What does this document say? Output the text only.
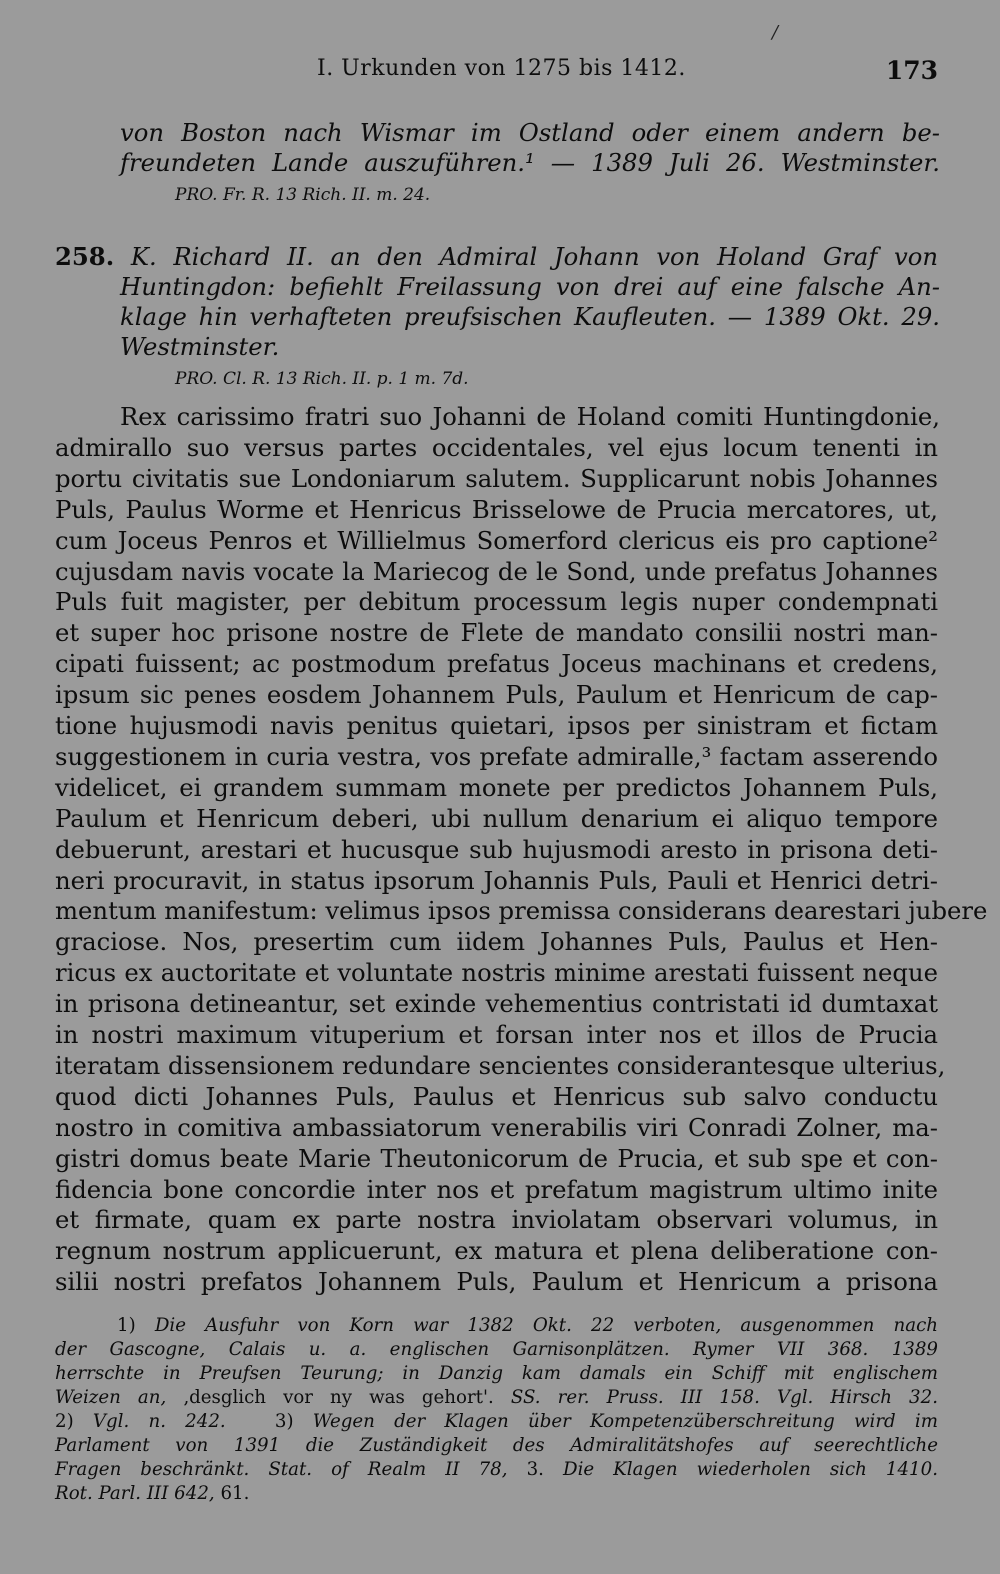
/
I. Urkunden von 1275 bis 1412.	173
von Boston nach Wismar im Ostland oder einem andern be-
freundeten Lande auszuführen.¹ — 1389 Juli 26. Westminster.
PRO. Fr. R. 13 Rich. II. m. 24.
258. K. Richard II. an den Admiral Johann von Holand Graf von
Huntingdon: befiehlt Freilassung von drei auf eine falsche An-
klage hin verhafteten preufsischen Kaufleuten. — 1389 Okt. 29.
Westminster.
PRO. Cl. R. 13 Rich. II. p. 1 m. 7d.
Rex carissimo fratri suo Johanni de Holand comiti Huntingdonie,
admirallo suo versus partes occidentales, vel ejus locum tenenti in
portu civitatis sue Londoniarum salutem. Supplicarunt nobis Johannes
Puls, Paulus Worme et Henricus Brisselowe de Prucia mercatores, ut,
cum Joceus Penros et Willielmus Somerford clericus eis pro captione²
cujusdam navis vocate la Mariecog de le Sond, unde prefatus Johannes
Puls fuit magister, per debitum processum legis nuper condempnati
et super hoc prisone nostre de Flete de mandato consilii nostri man-
cipati fuissent; ac postmodum prefatus Joceus machinans et credens,
ipsum sic penes eosdem Johannem Puls, Paulum et Henricum de cap-
tione hujusmodi navis penitus quietari, ipsos per sinistram et fictam
suggestionem in curia vestra, vos prefate admiralle,³ factam asserendo
videlicet, ei grandem summam monete per predictos Johannem Puls,
Paulum et Henricum deberi, ubi nullum denarium ei aliquo tempore
debuerunt, arestari et hucusque sub hujusmodi aresto in prisona deti-
neri procuravit, in status ipsorum Johannis Puls, Pauli et Henrici detri-
mentum manifestum: velimus ipsos premissa considerans dearestari jubere
graciose. Nos, presertim cum iidem Johannes Puls, Paulus et Hen-
ricus ex auctoritate et voluntate nostris minime arestati fuissent neque
in prisona detineantur, set exinde vehementius contristati id dumtaxat
in nostri maximum vituperium et forsan inter nos et illos de Prucia
iteratam dissensionem redundare sencientes considerantesque ulterius,
quod dicti Johannes Puls, Paulus et Henricus sub salvo conductu
nostro in comitiva ambassiatorum venerabilis viri Conradi Zolner, ma-
gistri domus beate Marie Theutonicorum de Prucia, et sub spe et con-
fidencia bone concordie inter nos et prefatum magistrum ultimo inite
et firmate, quam ex parte nostra inviolatam observari volumus, in
regnum nostrum applicuerunt, ex matura et plena deliberatione con-
silii nostri prefatos Johannem Puls, Paulum et Henricum a prisona
1) Die Ausfuhr von Korn war 1382 Okt. 22 verboten, ausgenommen nach
der Gascogne, Calais u. a. englischen Garnisonplätzen. Rymer VII 368. 1389
herrschte in Preufsen Teurung; in Danzig kam damals ein Schiff mit englischem
Weizen an, ‚desglich vor ny was gehort'. SS. rer. Pruss. III 158. Vgl. Hirsch 32.
2) Vgl. n. 242.	3) Wegen der Klagen über Kompetenzüberschreitung wird im
Parlament von 1391 die Zuständigkeit des Admiralitätshofes auf seerechtliche
Fragen beschränkt. Stat. of Realm II 78, 3. Die Klagen wiederholen sich 1410.
Rot. Parl. III 642, 61.
